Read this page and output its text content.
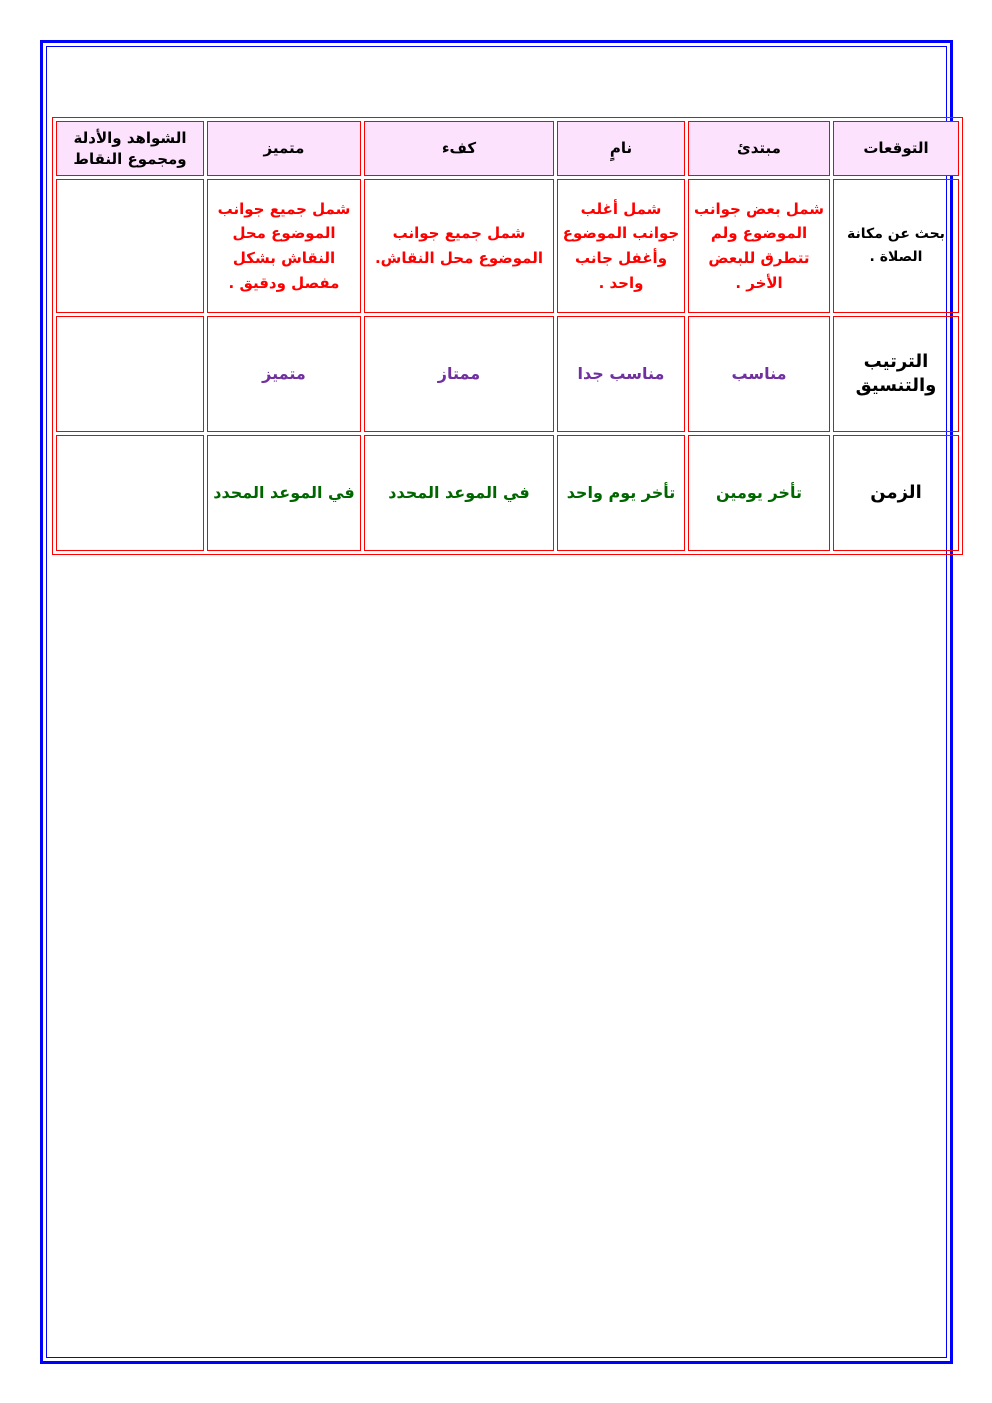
التوقعات	مبتدئ	نامٍ	كفء	متميز	الشواهد والأدلة ومجموع النقاط
بحث عن مكانة الصلاة .	شمل بعض جوانب الموضوع ولم تتطرق للبعض الأخر .	شمل أغلب جوانب الموضوع وأغفل جانب واحد .	شمل جميع جوانب الموضوع محل النقاش.	شمل جميع جوانب الموضوع محل النقاش بشكل مفصل ودقيق .	
الترتيب والتنسيق	مناسب	مناسب جدا	ممتاز	متميز	
الزمن	تأخر يومين	تأخر يوم واحد	في الموعد المحدد	في الموعد المحدد	
